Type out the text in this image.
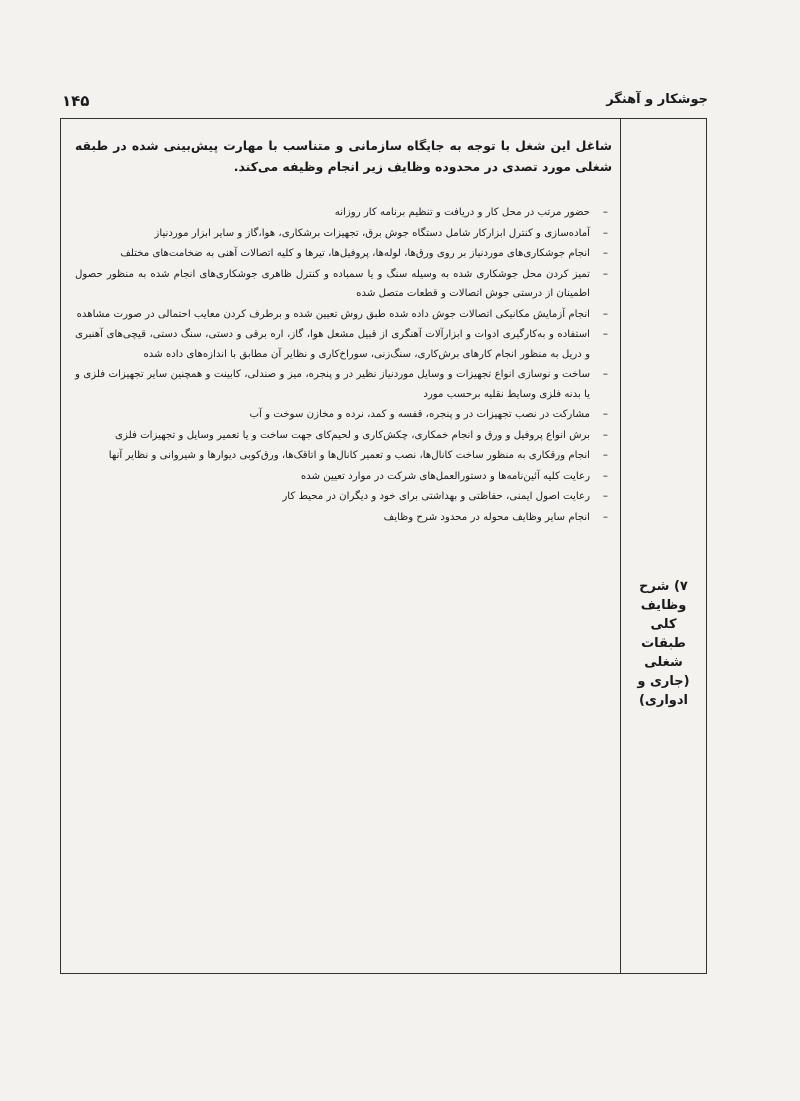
جوشکار و آهنگر
۱۴۵
۷) شرح
وظایف
کلی
طبقات
شغلی
(جاری و
ادواری)

شاغل این شغل با توجه به جایگاه سازمانی و متناسب با مهارت پیش‌بینی شده در طبقه شغلی مورد تصدی در محدوده وظایف زیر انجام وظیفه می‌کند.

–
حضور مرتب در محل کار و دریافت و تنظیم برنامه کار روزانه
–
آماده‌سازی و کنترل ابزارکار شامل دستگاه جوش برق، تجهیزات برشکاری، هوا،گاز و سایر ابزار موردنیاز
–
انجام جوشکاری‌های موردنیاز بر روی ورق‌ها، لوله‌ها، پروفیل‌ها، تیرها و کلیه اتصالات آهنی به ضخامت‌های مختلف
–
تمیز کردن محل جوشکاری شده به وسیله سنگ و یا سمباده و کنترل ظاهری جوشکاری‌های انجام شده به منظور حصول اطمینان از درستی جوش اتصالات و قطعات متصل شده
–
انجام آزمایش مکانیکی اتصالات جوش داده شده طبق روش تعیین شده و برطرف کردن معایب احتمالی در صورت مشاهده
–
استفاده و به‌کارگیری ادوات و ابزارآلات آهنگری از قبیل مشعل هوا، گاز، اره برقی و دستی، سنگ دستی، قیچی‌های آهنبری و دریل به منظور انجام کارهای برش‌کاری، سنگ‌زنی، سوراخ‌کاری و نظایر آن مطابق با اندازه‌های داده شده
–
ساخت و نوسازی انواع تجهیزات و وسایل موردنیاز نظیر در و پنجره، میز و صندلی، کابینت و همچنین سایر تجهیزات فلزی و یا بدنه فلزی وسایط نقلیه برحسب مورد
–
مشارکت در نصب تجهیزات در و پنجره، قفسه و کمد، نرده و مخازن سوخت و آب
–
برش انواع پروفیل و ورق و انجام خمکاری، چکش‌کاری و لحیم‌کای جهت ساخت و یا تعمیر وسایل و تجهیزات فلزی
–
انجام ورقکاری به منظور ساخت کانال‌ها، نصب و تعمیر کانال‌ها و اتاقک‌ها، ورق‌کوبی دیوارها و شیروانی و نظایر آنها
–
رعایت کلیه آئین‌نامه‌ها و دستورالعمل‌های شرکت در موارد تعیین شده
–
رعایت اصول ایمنی، حفاظتی و بهداشتی برای خود و دیگران در محیط کار
–
انجام سایر وظایف محوله در محدود شرح وظایف
